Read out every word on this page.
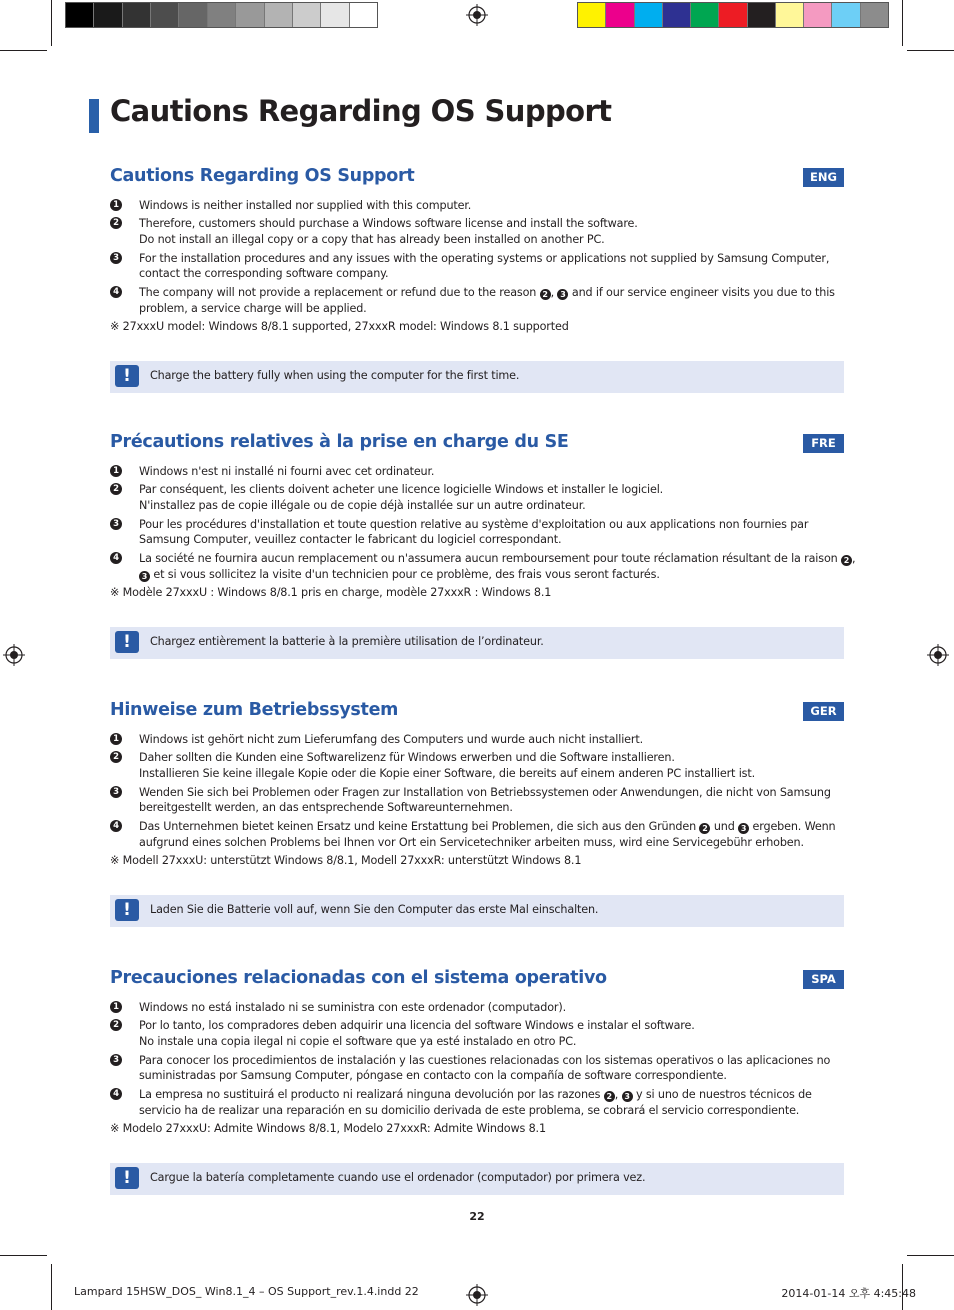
Cautions Regarding OS Support
Cautions Regarding OS Support	ENG
1 Windows is neither installed nor supplied with this computer.
2 Therefore, customers should purchase a Windows software license and install the software.
Do not install an illegal copy or a copy that has already been installed on another PC.
3 For the installation procedures and any issues with the operating systems or applications not supplied by Samsung Computer,
contact the corresponding software company.
4 The company will not provide a replacement or refund due to the reason 2 , 3 and if our service engineer visits you due to this
problem, a service charge will be applied.
※ 27xxxU model: Windows 8/8.1 supported, 27xxxR model: Windows 8.1 supported
!	Charge the battery fully when using the computer for the first time.
Précautions relatives à la prise en charge du SE	FRE
1 Windows n'est ni installé ni fourni avec cet ordinateur.
2 Par conséquent, les clients doivent acheter une licence logicielle Windows et installer le logiciel.
N'installez pas de copie illégale ou de copie déjà installée sur un autre ordinateur.
3 Pour les procédures d'installation et toute question relative au système d'exploitation ou aux applications non fournies par
Samsung Computer, veuillez contacter le fabricant du logiciel correspondant.
4 La société ne fournira aucun remplacement ou n'assumera aucun remboursement pour toute réclamation résultant de la raison 2 ,
3 et si vous sollicitez la visite d'un technicien pour ce problème, des frais vous seront facturés.
※ Modèle 27xxxU : Windows 8/8.1 pris en charge, modèle 27xxxR : Windows 8.1
!	Chargez entièrement la batterie à la première utilisation de l’ordinateur.
Hinweise zum Betriebssystem	GER
1 Windows ist gehört nicht zum Lieferumfang des Computers und wurde auch nicht installiert.
2 Daher sollten die Kunden eine Softwarelizenz für Windows erwerben und die Software installieren.
Installieren Sie keine illegale Kopie oder die Kopie einer Software, die bereits auf einem anderen PC installiert ist.
3 Wenden Sie sich bei Problemen oder Fragen zur Installation von Betriebssystemen oder Anwendungen, die nicht von Samsung
bereitgestellt werden, an das entsprechende Softwareunternehmen.
4 Das Unternehmen bietet keinen Ersatz und keine Erstattung bei Problemen, die sich aus den Gründen 2 und 3 ergeben. Wenn
aufgrund eines solchen Problems bei Ihnen vor Ort ein Servicetechniker arbeiten muss, wird eine Servicegebühr erhoben.
※ Modell 27xxxU: unterstützt Windows 8/8.1, Modell 27xxxR: unterstützt Windows 8.1
!	Laden Sie die Batterie voll auf, wenn Sie den Computer das erste Mal einschalten.
Precauciones relacionadas con el sistema operativo	SPA
1 Windows no está instalado ni se suministra con este ordenador (computador).
2 Por lo tanto, los compradores deben adquirir una licencia del software Windows e instalar el software.
No instale una copia ilegal ni copie el software que ya esté instalado en otro PC.
3 Para conocer los procedimientos de instalación y las cuestiones relacionadas con los sistemas operativos o las aplicaciones no
suministradas por Samsung Computer, póngase en contacto con la compañía de software correspondiente.
4 La empresa no sustituirá el producto ni realizará ninguna devolución por las razones 2 , 3 y si uno de nuestros técnicos de
servicio ha de realizar una reparación en su domicilio derivada de este problema, se cobrará el servicio correspondiente.
※ Modelo 27xxxU: Admite Windows 8/8.1, Modelo 27xxxR: Admite Windows 8.1
!	Cargue la batería completamente cuando use el ordenador (computador) por primera vez.
22
Lampard 15HSW_DOS_ Win8.1_4 – OS Support_rev.1.4.indd 22	2014-01-14 오후 4:45:48
